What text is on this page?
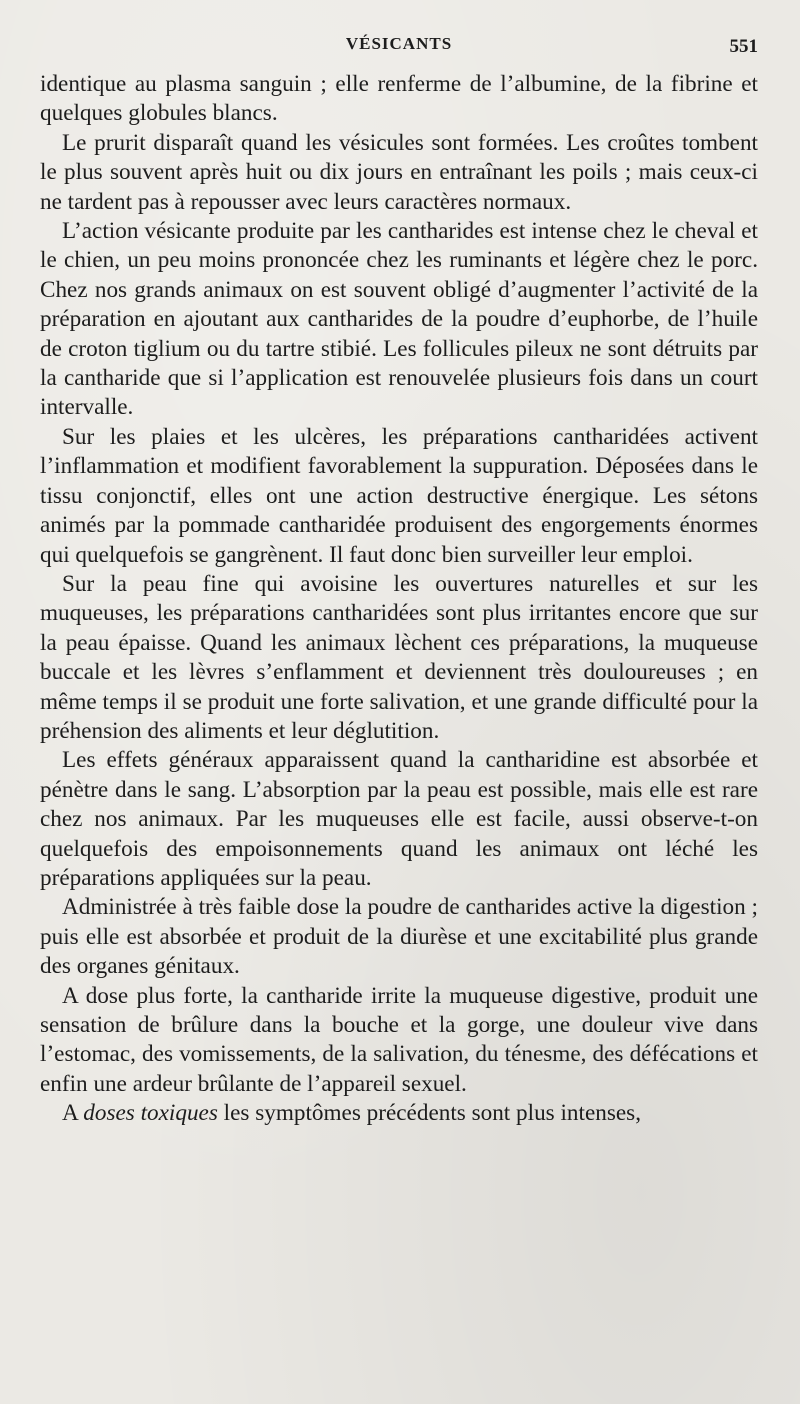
VÉSICANTS	551

identique au plasma sanguin ; elle renferme de l’albumine, de la fibrine et quelques globules blancs.

Le prurit disparaît quand les vésicules sont formées. Les croûtes tombent le plus souvent après huit ou dix jours en entraînant les poils ; mais ceux-ci ne tardent pas à repousser avec leurs caractères normaux.

L’action vésicante produite par les cantharides est intense chez le cheval et le chien, un peu moins prononcée chez les ruminants et légère chez le porc. Chez nos grands animaux on est souvent obligé d’augmenter l’activité de la préparation en ajoutant aux cantharides de la poudre d’euphorbe, de l’huile de croton tiglium ou du tartre stibié. Les follicules pileux ne sont détruits par la cantharide que si l’application est renouvelée plusieurs fois dans un court intervalle.

Sur les plaies et les ulcères, les préparations cantharidées activent l’inflammation et modifient favorablement la suppuration. Déposées dans le tissu conjonctif, elles ont une action destructive énergique. Les sétons animés par la pommade cantharidée produisent des engorgements énormes qui quelquefois se gangrènent. Il faut donc bien surveiller leur emploi.

Sur la peau fine qui avoisine les ouvertures naturelles et sur les muqueuses, les préparations cantharidées sont plus irritantes encore que sur la peau épaisse. Quand les animaux lèchent ces préparations, la muqueuse buccale et les lèvres s’enflamment et deviennent très douloureuses ; en même temps il se produit une forte salivation, et une grande difficulté pour la préhension des aliments et leur déglutition.

Les effets généraux apparaissent quand la cantharidine est absorbée et pénètre dans le sang. L’absorption par la peau est possible, mais elle est rare chez nos animaux. Par les muqueuses elle est facile, aussi observe-t-on quelquefois des empoisonnements quand les animaux ont léché les préparations appliquées sur la peau.

Administrée à très faible dose la poudre de cantharides active la digestion ; puis elle est absorbée et produit de la diurèse et une excitabilité plus grande des organes génitaux.

A dose plus forte, la cantharide irrite la muqueuse digestive, produit une sensation de brûlure dans la bouche et la gorge, une douleur vive dans l’estomac, des vomissements, de la salivation, du ténesme, des défécations et enfin une ardeur brûlante de l’appareil sexuel.

A doses toxiques les symptômes précédents sont plus intenses,
